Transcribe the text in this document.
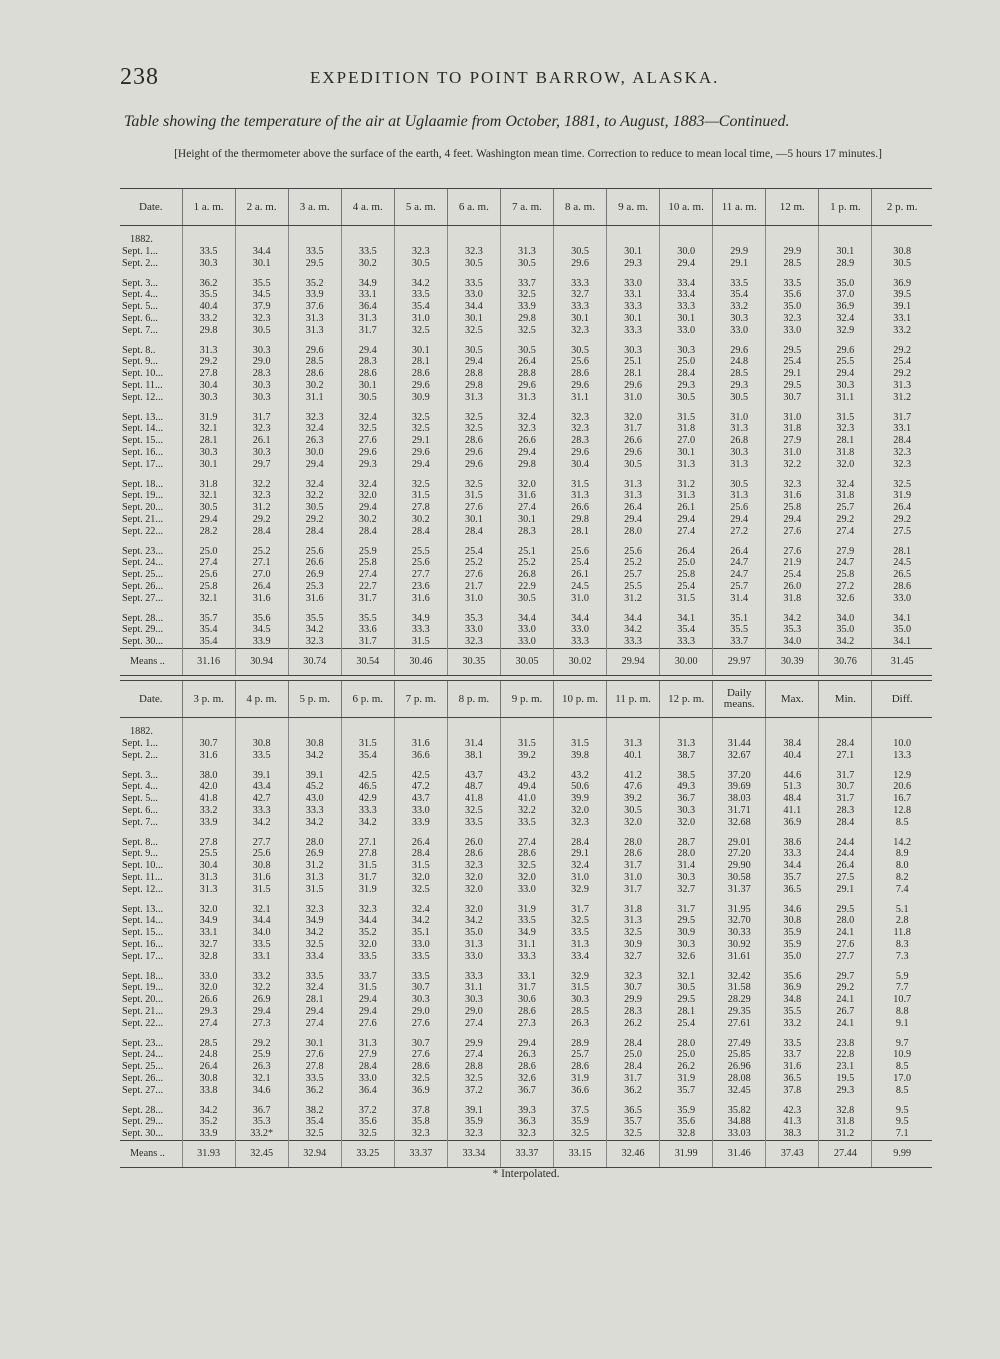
238	EXPEDITION TO POINT BARROW, ALASKA.
Table showing the temperature of the air at Uglaamie from October, 1881, to August, 1883—Continued.
[Height of the thermometer above the surface of the earth, 4 feet. Washington mean time. Correction to reduce to mean local time, —5 hours 17 minutes.]
Date.	1 a. m.	2 a. m.	3 a. m.	4 a. m.	5 a. m.	6 a. m.	7 a. m.	8 a. m.	9 a. m.	10 a. m.	11 a. m.	12 m.	1 p. m.	2 p. m.
1882.														
Sept. 1...	33.5	34.4	33.5	33.5	32.3	32.3	31.3	30.5	30.1	30.0	29.9	29.9	30.1	30.8
Sept. 2...	30.3	30.1	29.5	30.2	30.5	30.5	30.5	29.6	29.3	29.4	29.1	28.5	28.9	30.5

Sept. 3...	36.2	35.5	35.2	34.9	34.2	33.5	33.7	33.3	33.0	33.4	33.5	33.5	35.0	36.9
Sept. 4...	35.5	34.5	33.9	33.1	33.5	33.0	32.5	32.7	33.1	33.4	35.4	35.6	37.0	39.5
Sept. 5...	40.4	37.9	37.6	36.4	35.4	34.4	33.9	33.3	33.3	33.3	33.2	35.0	36.9	39.1
Sept. 6...	33.2	32.3	31.3	31.3	31.0	30.1	29.8	30.1	30.1	30.1	30.3	32.3	32.4	33.1
Sept. 7...	29.8	30.5	31.3	31.7	32.5	32.5	32.5	32.3	33.3	33.0	33.0	33.0	32.9	33.2

Sept. 8..	31.3	30.3	29.6	29.4	30.1	30.5	30.5	30.5	30.3	30.3	29.6	29.5	29.6	29.2
Sept. 9...	29.2	29.0	28.5	28.3	28.1	29.4	26.4	25.6	25.1	25.0	24.8	25.4	25.5	25.4
Sept. 10...	27.8	28.3	28.6	28.6	28.6	28.8	28.8	28.6	28.1	28.4	28.5	29.1	29.4	29.2
Sept. 11...	30.4	30.3	30.2	30.1	29.6	29.8	29.6	29.6	29.6	29.3	29.3	29.5	30.3	31.3
Sept. 12...	30.3	30.3	31.1	30.5	30.9	31.3	31.3	31.1	31.0	30.5	30.5	30.7	31.1	31.2

Sept. 13...	31.9	31.7	32.3	32.4	32.5	32.5	32.4	32.3	32.0	31.5	31.0	31.0	31.5	31.7
Sept. 14...	32.1	32.3	32.4	32.5	32.5	32.5	32.3	32.3	31.7	31.8	31.3	31.8	32.3	33.1
Sept. 15...	28.1	26.1	26.3	27.6	29.1	28.6	26.6	28.3	26.6	27.0	26.8	27.9	28.1	28.4
Sept. 16...	30.3	30.3	30.0	29.6	29.6	29.6	29.4	29.6	29.6	30.1	30.3	31.0	31.8	32.3
Sept. 17...	30.1	29.7	29.4	29.3	29.4	29.6	29.8	30.4	30.5	31.3	31.3	32.2	32.0	32.3

Sept. 18...	31.8	32.2	32.4	32.4	32.5	32.5	32.0	31.5	31.3	31.2	30.5	32.3	32.4	32.5
Sept. 19...	32.1	32.3	32.2	32.0	31.5	31.5	31.6	31.3	31.3	31.3	31.3	31.6	31.8	31.9
Sept. 20...	30.5	31.2	30.5	29.4	27.8	27.6	27.4	26.6	26.4	26.1	25.6	25.8	25.7	26.4
Sept. 21...	29.4	29.2	29.2	30.2	30.2	30.1	30.1	29.8	29.4	29.4	29.4	29.4	29.2	29.2
Sept. 22...	28.2	28.4	28.4	28.4	28.4	28.4	28.3	28.1	28.0	27.4	27.2	27.6	27.4	27.5

Sept. 23...	25.0	25.2	25.6	25.9	25.5	25.4	25.1	25.6	25.6	26.4	26.4	27.6	27.9	28.1
Sept. 24...	27.4	27.1	26.6	25.8	25.6	25.2	25.2	25.4	25.2	25.0	24.7	21.9	24.7	24.5
Sept. 25...	25.6	27.0	26.9	27.4	27.7	27.6	26.8	26.1	25.7	25.8	24.7	25.4	25.8	26.5
Sept. 26...	25.8	26.4	25.3	22.7	23.6	21.7	22.9	24.5	25.5	25.4	25.7	26.0	27.2	28.6
Sept. 27...	32.1	31.6	31.6	31.7	31.6	31.0	30.5	31.0	31.2	31.5	31.4	31.8	32.6	33.0

Sept. 28...	35.7	35.6	35.5	35.5	34.9	35.3	34.4	34.4	34.4	34.1	35.1	34.2	34.0	34.1
Sept. 29...	35.4	34.5	34.2	33.6	33.3	33.0	33.0	33.0	34.2	35.4	35.5	35.3	35.0	35.0
Sept. 30...	35.4	33.9	32.3	31.7	31.5	32.3	33.0	33.3	33.3	33.3	33.7	34.0	34.2	34.1
Means ..	31.16	30.94	30.74	30.54	30.46	30.35	30.05	30.02	29.94	30.00	29.97	30.39	30.76	31.45
Date.	3 p. m.	4 p. m.	5 p. m.	6 p. m.	7 p. m.	8 p. m.	9 p. m.	10 p. m.	11 p. m.	12 p. m.	Daily means.	Max.	Min.	Diff.
1882.														
Sept. 1...	30.7	30.8	30.8	31.5	31.6	31.4	31.5	31.5	31.3	31.3	31.44	38.4	28.4	10.0
Sept. 2...	31.6	33.5	34.2	35.4	36.6	38.1	39.2	39.8	40.1	38.7	32.67	40.4	27.1	13.3

Sept. 3...	38.0	39.1	39.1	42.5	42.5	43.7	43.2	43.2	41.2	38.5	37.20	44.6	31.7	12.9
Sept. 4...	42.0	43.4	45.2	46.5	47.2	48.7	49.4	50.6	47.6	49.3	39.69	51.3	30.7	20.6
Sept. 5...	41.8	42.7	43.0	42.9	43.7	41.8	41.0	39.9	39.2	36.7	38.03	48.4	31.7	16.7
Sept. 6...	33.2	33.3	33.3	33.3	33.0	32.5	32.2	32.0	30.5	30.3	31.71	41.1	28.3	12.8
Sept. 7...	33.9	34.2	34.2	34.2	33.9	33.5	33.5	32.3	32.0	32.0	32.68	36.9	28.4	8.5

Sept. 8...	27.8	27.7	28.0	27.1	26.4	26.0	27.4	28.4	28.0	28.7	29.01	38.6	24.4	14.2
Sept. 9...	25.5	25.6	26.9	27.8	28.4	28.6	28.6	29.1	28.6	28.0	27.20	33.3	24.4	8.9
Sept. 10...	30.4	30.8	31.2	31.5	31.5	32.3	32.5	32.4	31.7	31.4	29.90	34.4	26.4	8.0
Sept. 11...	31.3	31.6	31.3	31.7	32.0	32.0	32.0	31.0	31.0	30.3	30.58	35.7	27.5	8.2
Sept. 12...	31.3	31.5	31.5	31.9	32.5	32.0	33.0	32.9	31.7	32.7	31.37	36.5	29.1	7.4

Sept. 13...	32.0	32.1	32.3	32.3	32.4	32.0	31.9	31.7	31.8	31.7	31.95	34.6	29.5	5.1
Sept. 14...	34.9	34.4	34.9	34.4	34.2	34.2	33.5	32.5	31.3	29.5	32.70	30.8	28.0	2.8
Sept. 15...	33.1	34.0	34.2	35.2	35.1	35.0	34.9	33.5	32.5	30.9	30.33	35.9	24.1	11.8
Sept. 16...	32.7	33.5	32.5	32.0	33.0	31.3	31.1	31.3	30.9	30.3	30.92	35.9	27.6	8.3
Sept. 17...	32.8	33.1	33.4	33.5	33.5	33.0	33.3	33.4	32.7	32.6	31.61	35.0	27.7	7.3

Sept. 18...	33.0	33.2	33.5	33.7	33.5	33.3	33.1	32.9	32.3	32.1	32.42	35.6	29.7	5.9
Sept. 19...	32.0	32.2	32.4	31.5	30.7	31.1	31.7	31.5	30.7	30.5	31.58	36.9	29.2	7.7
Sept. 20...	26.6	26.9	28.1	29.4	30.3	30.3	30.6	30.3	29.9	29.5	28.29	34.8	24.1	10.7
Sept. 21...	29.3	29.4	29.4	29.4	29.0	29.0	28.6	28.5	28.3	28.1	29.35	35.5	26.7	8.8
Sept. 22...	27.4	27.3	27.4	27.6	27.6	27.4	27.3	26.3	26.2	25.4	27.61	33.2	24.1	9.1

Sept. 23...	28.5	29.2	30.1	31.3	30.7	29.9	29.4	28.9	28.4	28.0	27.49	33.5	23.8	9.7
Sept. 24...	24.8	25.9	27.6	27.9	27.6	27.4	26.3	25.7	25.0	25.0	25.85	33.7	22.8	10.9
Sept. 25...	26.4	26.3	27.8	28.4	28.6	28.8	28.6	28.6	28.4	26.2	26.96	31.6	23.1	8.5
Sept. 26...	30.8	32.1	33.5	33.0	32.5	32.5	32.6	31.9	31.7	31.9	28.08	36.5	19.5	17.0
Sept. 27...	33.8	34.6	36.2	36.4	36.9	37.2	36.7	36.6	36.2	35.7	32.45	37.8	29.3	8.5

Sept. 28...	34.2	36.7	38.2	37.2	37.8	39.1	39.3	37.5	36.5	35.9	35.82	42.3	32.8	9.5
Sept. 29...	35.2	35.3	35.4	35.6	35.8	35.9	36.3	35.9	35.7	35.6	34.88	41.3	31.8	9.5
Sept. 30...	33.9	33.2*	32.5	32.5	32.3	32.3	32.3	32.5	32.5	32.8	33.03	38.3	31.2	7.1
Means ..	31.93	32.45	32.94	33.25	33.37	33.34	33.37	33.15	32.46	31.99	31.46	37.43	27.44	9.99
* Interpolated.
